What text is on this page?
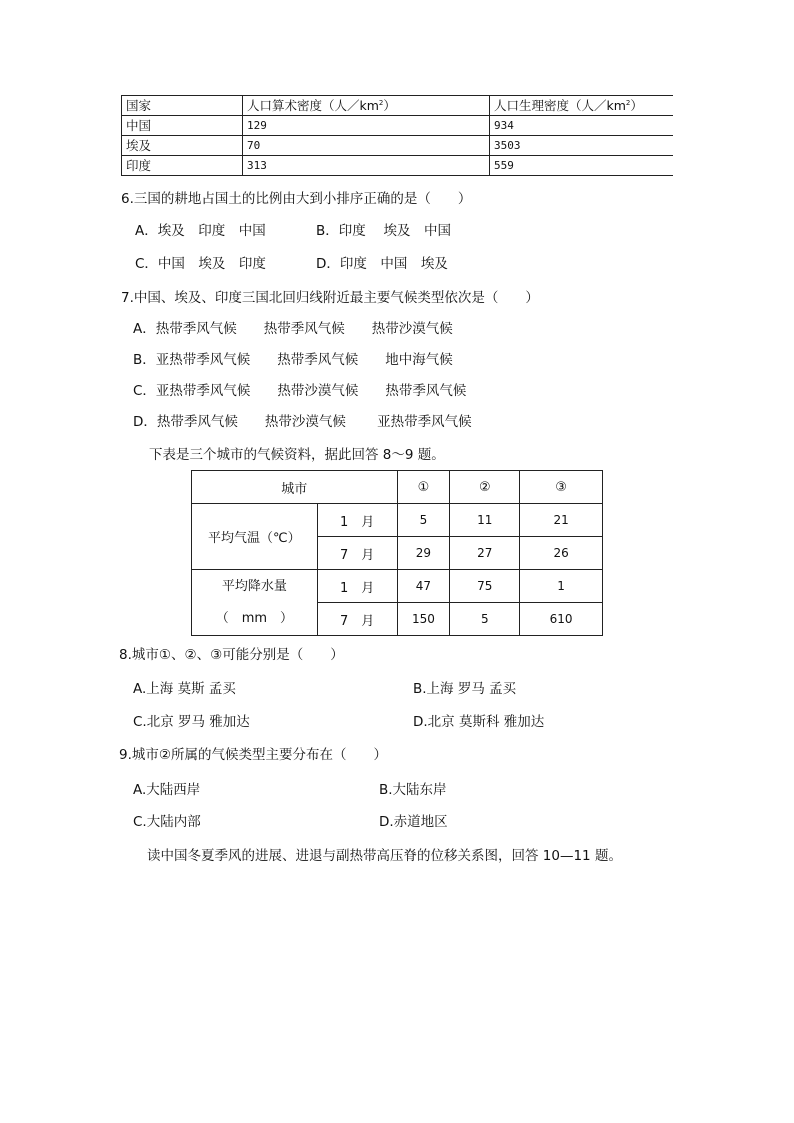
国家	人口算术密度（人$/km^2$）	人口生理密度（人$/km^2$）
中国	129	934
埃及	70	3503
印度	313	559
6.三国的耕地占国土的比例由大到小排序正确的是（　　）
A．埃及　印度　中国	B．印度　 埃及　中国
C．中国　埃及　印度	D．印度　中国　埃及
7.中国、埃及、印度三国北回归线附近最主要气候类型依次是（　　）
A．热带季风气候　　热带季风气候　　热带沙漠气候
B．亚热带季风气候　　热带季风气候　　地中海气候
C．亚热带季风气候　　热带沙漠气候　　热带季风气候
D．热带季风气候　　热带沙漠气候　　 亚热带季风气候
下表是三个城市的气候资料，据此回答 8～9 题。
城市		①	②	③
平均气温（℃）	1　月	5	11	21
	7　月	29	27	26

平均降水量
（　mm　）	1　月	47	75	1
	7　月	150	5	610
8.城市①、②、③可能分别是（　　）
A.上海 莫斯 孟买	B.上海 罗马 孟买
C.北京 罗马 雅加达	D.北京 莫斯科 雅加达
9.城市②所属的气候类型主要分布在（　　）
A.大陆西岸	B.大陆东岸
C.大陆内部	D.赤道地区
读中国冬夏季风的进展、进退与副热带高压脊的位移关系图，回答 10—11 题。
